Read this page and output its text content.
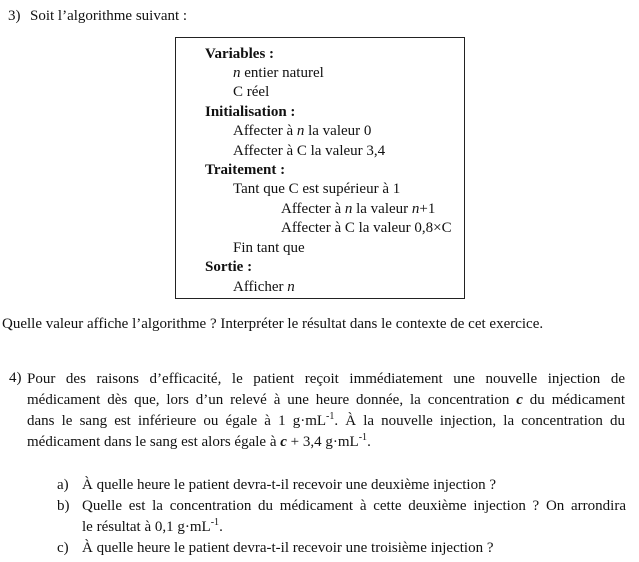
3) Soit l’algorithme suivant :
Variables :
n entier naturel
C réel
Initialisation :
Affecter à n la valeur 0
Affecter à C la valeur 3,4
Traitement :
Tant que C est supérieur à 1
Affecter à n la valeur n+1
Affecter à C la valeur 0,8×C
Fin tant que
Sortie :
Afficher n
Quelle valeur affiche l’algorithme ? Interpréter le résultat dans le contexte de cet exercice.
4) Pour des raisons d’efficacité, le patient reçoit immédiatement une nouvelle injection de
médicament dès que, lors d’un relevé à une heure donnée, la concentration c du médicament
dans le sang est inférieure ou égale à 1 $g\cdot mL^{-1}$. À la nouvelle injection, la concentration du
médicament dans le sang est alors égale à c + 3,4 $g\cdot mL^{-1}$.
a) À quelle heure le patient devra-t-il recevoir une deuxième injection ?
b) Quelle est la concentration du médicament à cette deuxième injection ? On arrondira
le résultat à 0,1 $g\cdot mL^{-1}$.
c) À quelle heure le patient devra-t-il recevoir une troisième injection ?
